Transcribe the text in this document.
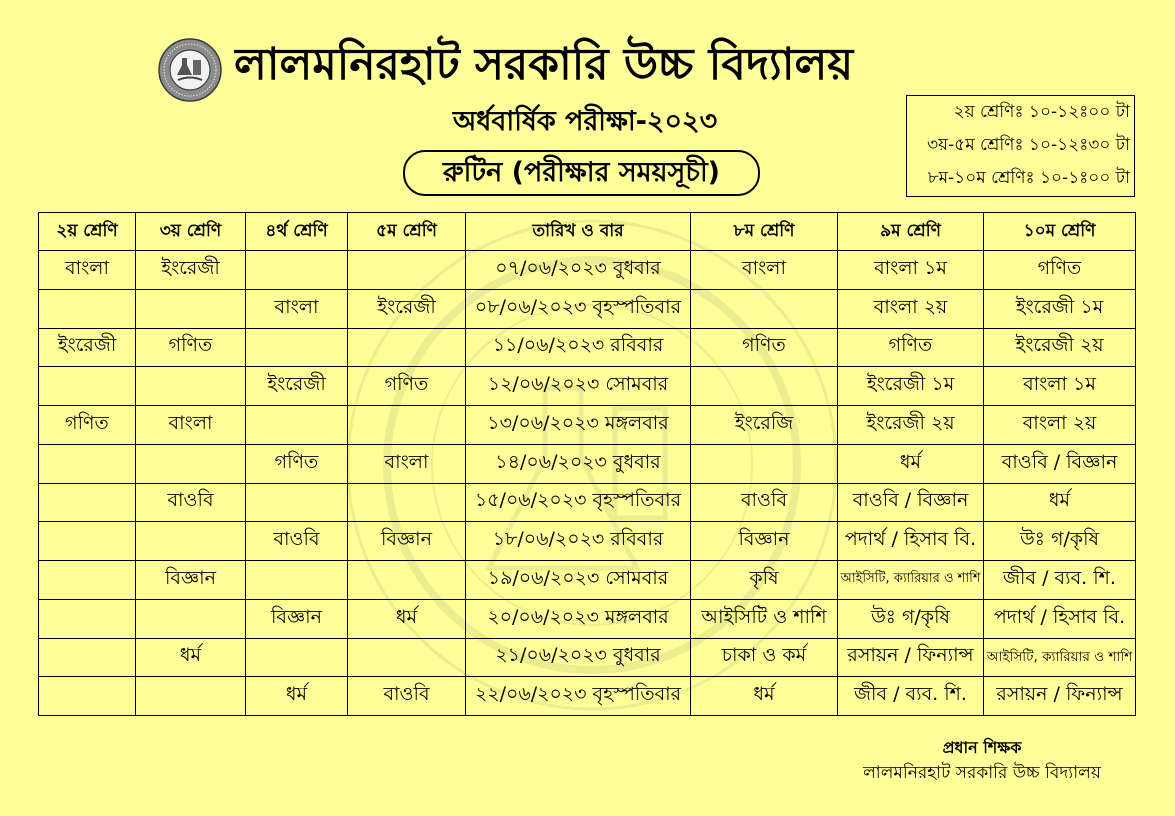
লালমনিরহাট সরকারি উচ্চ বিদ্যালয়
অর্ধবার্ষিক পরীক্ষা-২০২৩
রুটিন (পরীক্ষার সময়সূচী)
২য় শ্রেণিঃ ১০-১২ঃ০০ টা
৩য়-৫ম শ্রেণিঃ ১০-১২ঃ৩০ টা
৮ম-১০ম শ্রেণিঃ ১০-১ঃ০০ টা
২য় শ্রেণি	৩য় শ্রেণি	৪র্থ শ্রেণি	৫ম শ্রেণি	তারিখ ও বার	৮ম শ্রেণি	৯ম শ্রেণি	১০ম শ্রেণি

বাংলা	ইংরেজী			০৭/০৬/২০২৩ বুধবার	বাংলা	বাংলা ১ম	গণিত

		বাংলা	ইংরেজী	০৮/০৬/২০২৩ বৃহস্পতিবার		বাংলা ২য়	ইংরেজী ১ম

ইংরেজী	গণিত			১১/০৬/২০২৩ রবিবার	গণিত	গণিত	ইংরেজী ২য়

		ইংরেজী	গণিত	১২/০৬/২০২৩ সোমবার		ইংরেজী ১ম	বাংলা ১ম

গণিত	বাংলা			১৩/০৬/২০২৩ মঙ্গলবার	ইংরেজি	ইংরেজী ২য়	বাংলা ২য়

		গণিত	বাংলা	১৪/০৬/২০২৩ বুধবার		ধর্ম	বাওবি / বিজ্ঞান

	বাওবি			১৫/০৬/২০২৩ বৃহস্পতিবার	বাওবি	বাওবি / বিজ্ঞান	ধর্ম

		বাওবি	বিজ্ঞান	১৮/০৬/২০২৩ রবিবার	বিজ্ঞান	পদার্থ / হিসাব বি.	উঃ গ/কৃষি

	বিজ্ঞান			১৯/০৬/২০২৩ সোমবার	কৃষি	আইসিটি, ক্যারিয়ার ও শাশি	জীব / ব্যব. শি.

		বিজ্ঞান	ধর্ম	২০/০৬/২০২৩ মঙ্গলবার	আইসিটি ও শাশি	উঃ গ/কৃষি	পদার্থ / হিসাব বি.

	ধর্ম			২১/০৬/২০২৩ বুধবার	চাকা ও কর্ম	রসায়ন / ফিন্যান্স	আইসিটি, ক্যারিয়ার ও শাশি

		ধর্ম	বাওবি	২২/০৬/২০২৩ বৃহস্পতিবার	ধর্ম	জীব / ব্যব. শি.	রসায়ন / ফিন্যান্স
প্রধান শিক্ষক
লালমনিরহাট সরকারি উচ্চ বিদ্যালয়
